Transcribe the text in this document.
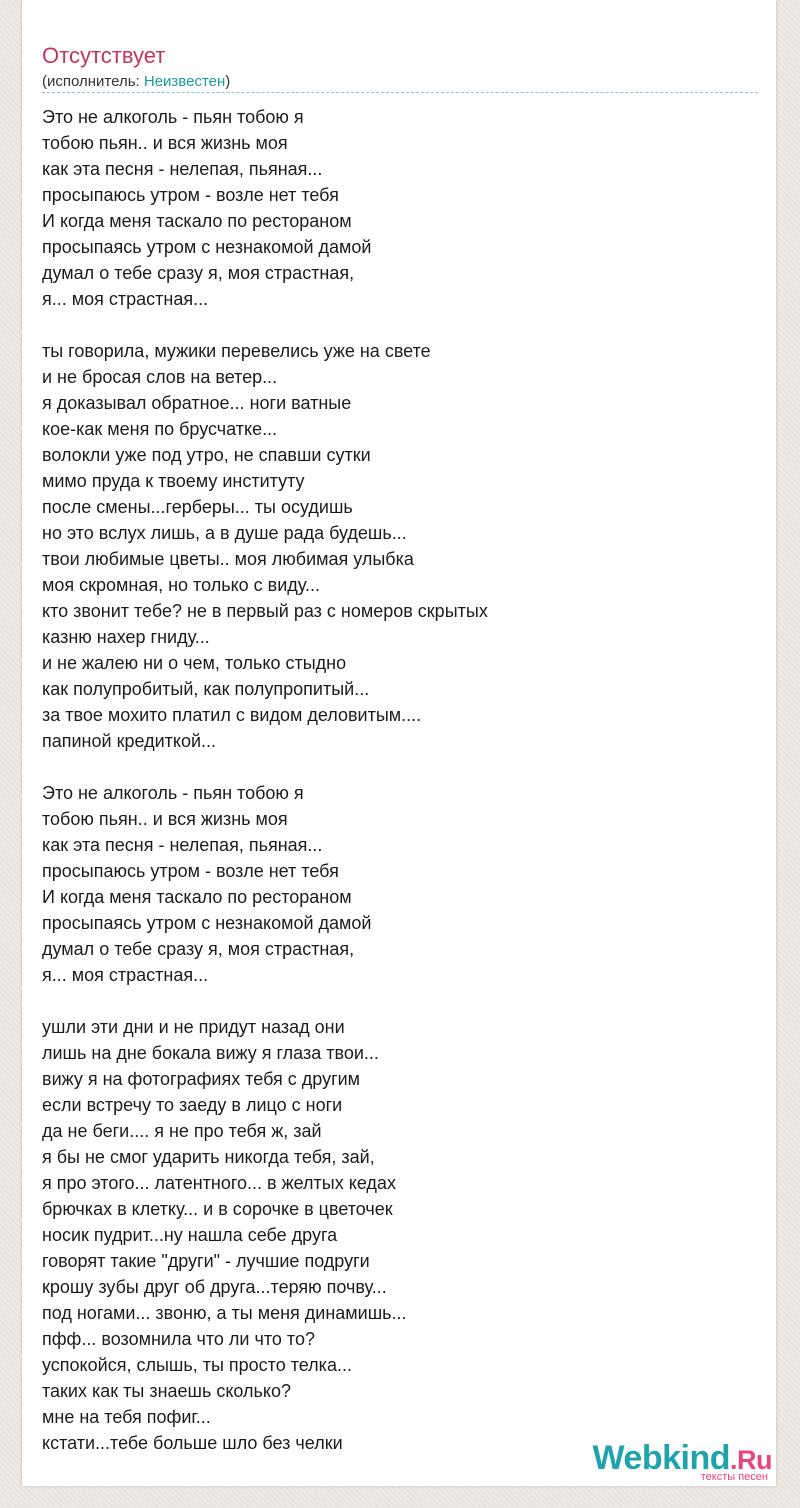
Отсутствует
(исполнитель: Неизвестен)
Это не алкоголь - пьян тобою я
тобою пьян.. и вся жизнь моя
как эта песня - нелепая, пьяная...
просыпаюсь утром - возле нет тебя
И когда меня таскало по рестораном
просыпаясь утром с незнакомой дамой
думал о тебе сразу я, моя страстная,
я... моя страстная...
ты говорила, мужики перевелись уже на свете
и не бросая слов на ветер...
я доказывал обратное... ноги ватные
кое-как меня по брусчатке...
волокли уже под утро, не спавши сутки
мимо пруда к твоему институту
после смены...герберы... ты осудишь
но это вслух лишь, а в душе рада будешь...
твои любимые цветы.. моя любимая улыбка
моя скромная, но только с виду...
кто звонит тебе? не в первый раз с номеров скрытых
казню нахер гниду...
и не жалею ни о чем, только стыдно
как полупробитый, как полупропитый...
за твое мохито платил с видом деловитым....
папиной кредиткой...
Это не алкоголь - пьян тобою я
тобою пьян.. и вся жизнь моя
как эта песня - нелепая, пьяная...
просыпаюсь утром - возле нет тебя
И когда меня таскало по рестораном
просыпаясь утром с незнакомой дамой
думал о тебе сразу я, моя страстная,
я... моя страстная...
ушли эти дни и не придут назад они
лишь на дне бокала вижу я глаза твои...
вижу я на фотографиях тебя с другим
если встречу то заеду в лицо с ноги
да не беги.... я не про тебя ж, зай
я бы не смог ударить никогда тебя, зай,
я про этого... латентного... в желтых кедах
брючках в клетку... и в сорочке в цветочек
носик пудрит...ну нашла себе друга
говорят такие "други" - лучшие подруги
крошу зубы друг об друга...теряю почву...
под ногами... звоню, а ты меня динамишь...
пфф... возомнила что ли что то?
успокойся, слышь, ты просто телка...
таких как ты знаешь сколько?
мне на тебя пофиг...
кстати...тебе больше шло без челки	Webkind.Ru
тексты песен
